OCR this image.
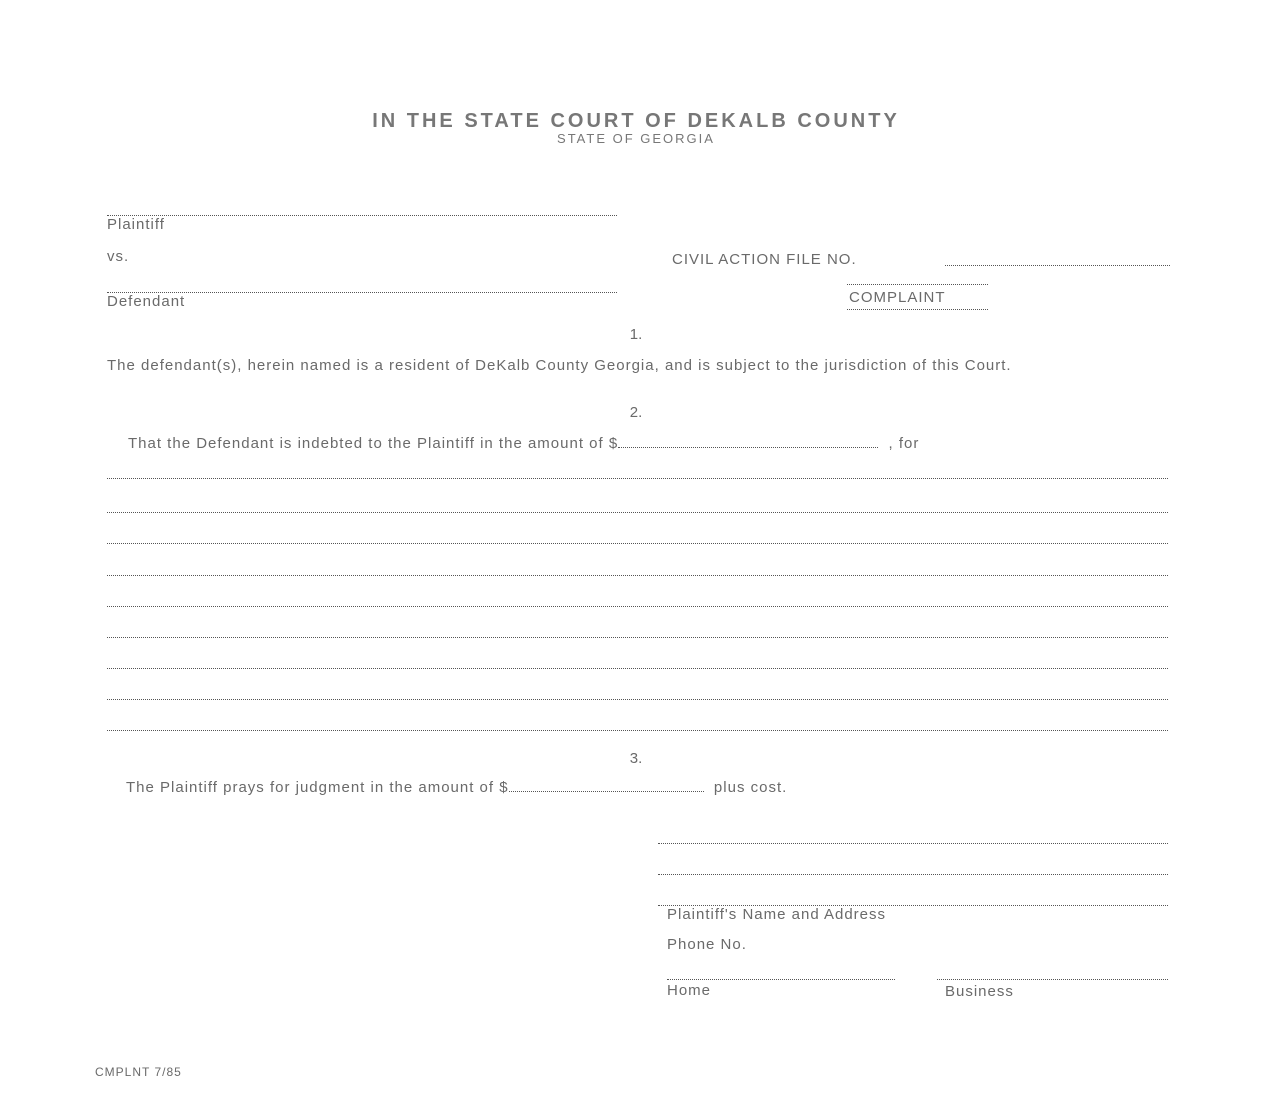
IN THE STATE COURT OF DEKALB COUNTY
STATE OF GEORGIA
Plaintiff
vs.
Defendant
CIVIL ACTION FILE NO.
COMPLAINT
1.
The defendant(s), herein named is a resident of DeKalb County Georgia, and is subject to the jurisdiction of this Court.
2.
That the Defendant is indebted to the Plaintiff in the amount of $	, for
3.
The Plaintiff prays for judgment in the amount of $	plus cost.
Plaintiff's Name and Address
Phone No.
Home	Business
CMPLNT 7/85
